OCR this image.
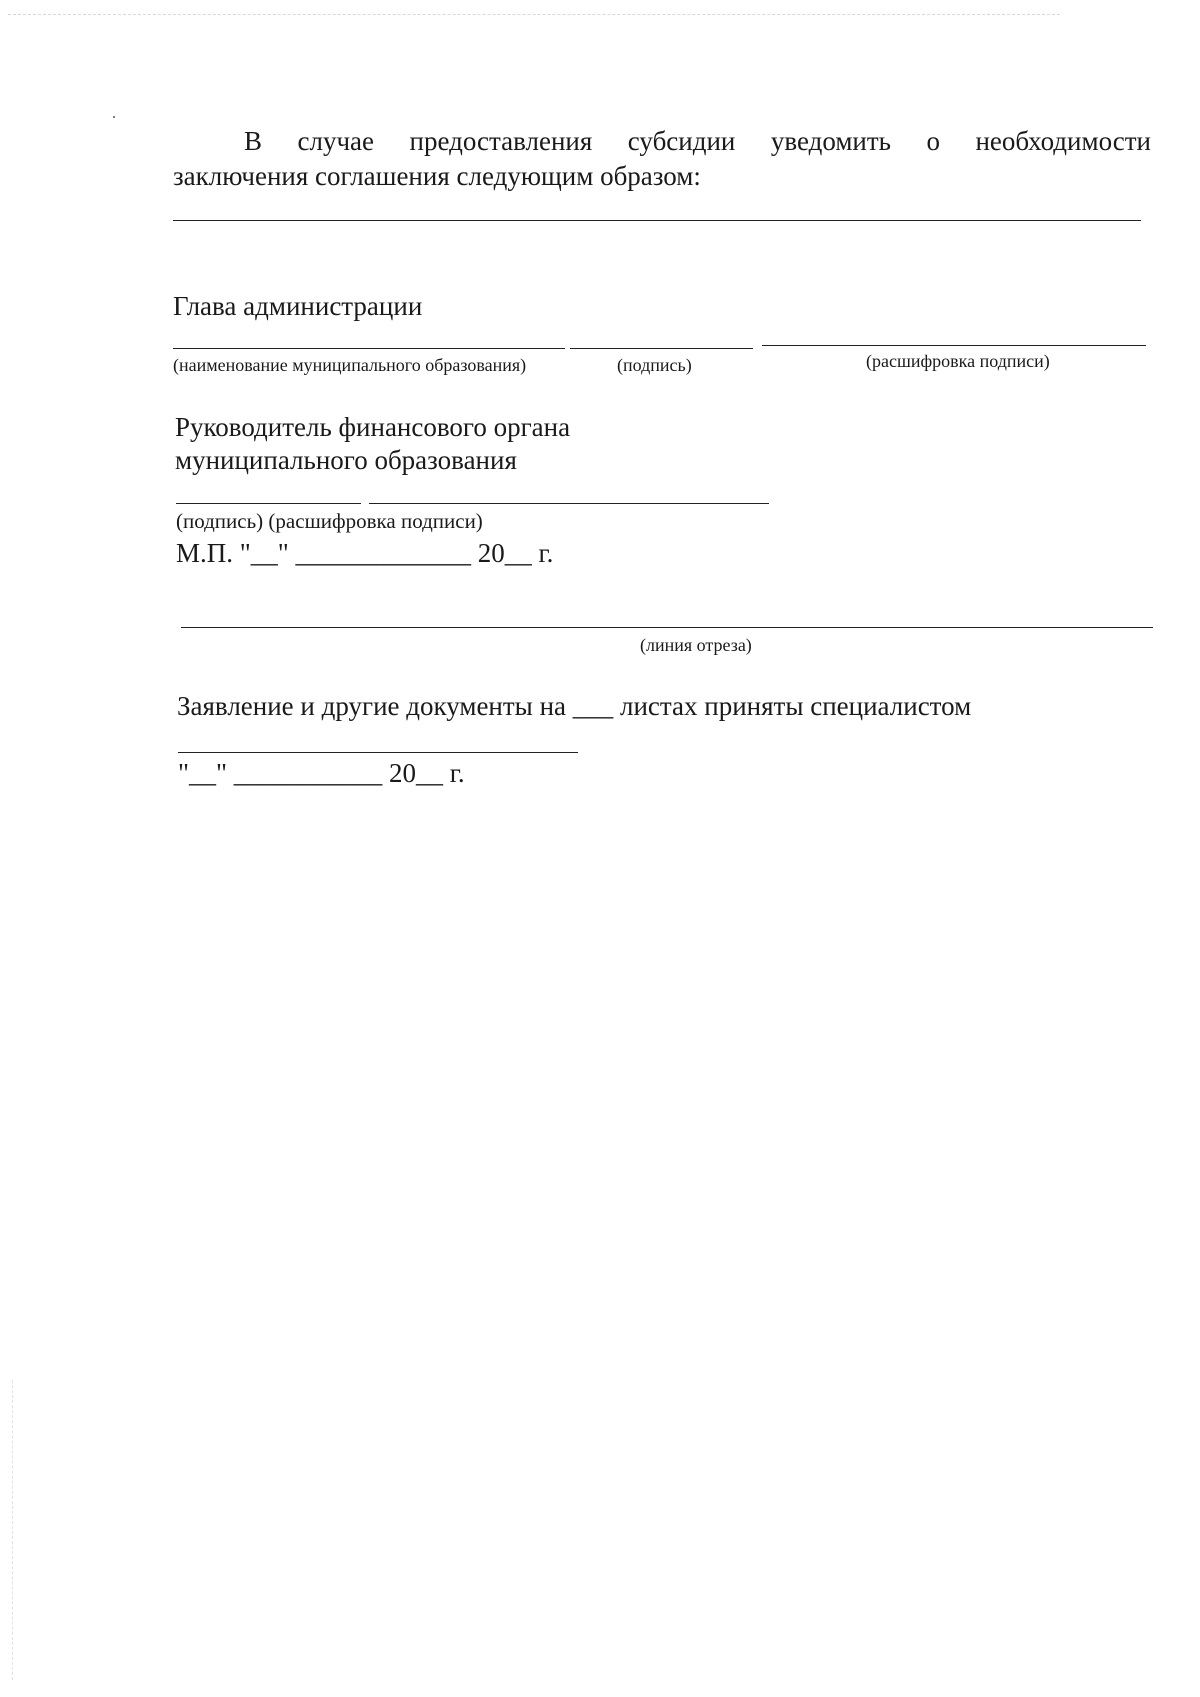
В случае предоставления субсидии уведомить о необходимости
заключения соглашения следующим образом:
Глава администрации
(наименование муниципального образования)	(подпись)	(расшифровка подписи)
Руководитель финансового органа
муниципального образования
(подпись) (расшифровка подписи)
М.П. "__" _____________ 20__ г.
(линия отреза)
Заявление и другие документы на ___ листах приняты специалистом
"__" ___________ 20__ г.
